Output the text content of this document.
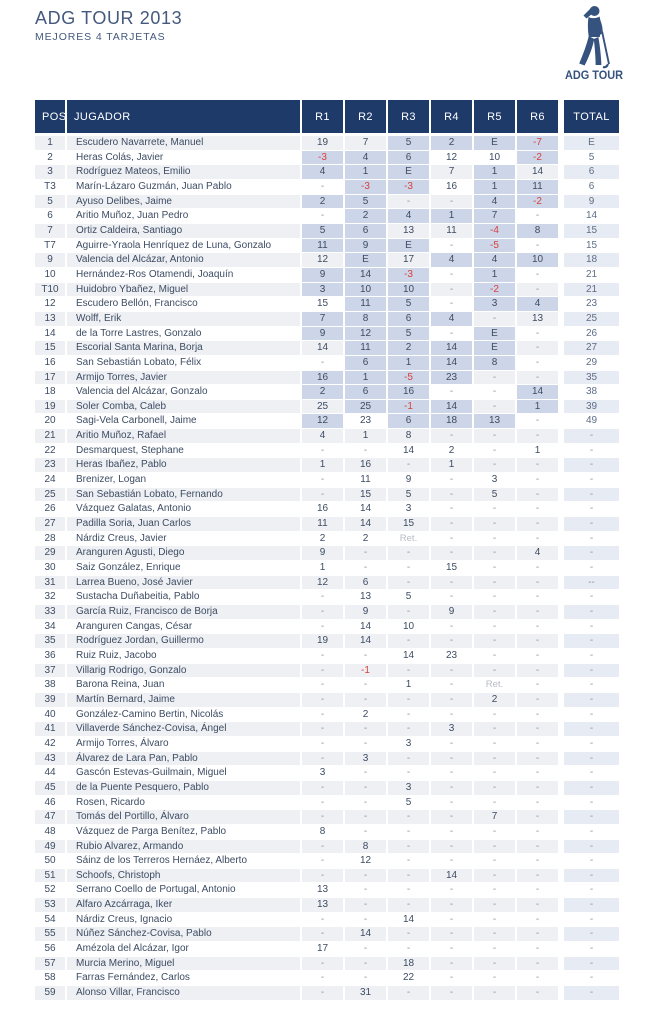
ADG TOUR 2013
MEJORES 4 TARJETAS
ADG TOUR
POS JUGADOR	R1	R2	R3	R4	R5	R6	TOTAL
1	Escudero Navarrete, Manuel	19	7	5	2	E	-7	E
2	Heras Colás, Javier	-3	4	6	12	10	-2	5
3	Rodríguez Mateos, Emilio	4	1	E	7	1	14	6
T3	Marín-Lázaro Guzmán, Juan Pablo	-	-3	-3	16	1	11	6
5	Ayuso Delibes, Jaime	2	5	-	-	4	-2	9
6	Aritio Muñoz, Juan Pedro	-	2	4	1	7	-	14
7	Ortiz Caldeira, Santiago	5	6	13	11	-4	8	15
T7	Aguirre-Yraola Henríquez de Luna, Gonzalo	11	9	E	-	-5	-	15
9	Valencia del Alcázar, Antonio	12	E	17	4	4	10	18
10	Hernández-Ros Otamendi, Joaquín	9	14	-3	-	1	-	21
T10	Huidobro Ybañez, Miguel	3	10	10	-	-2	-	21
12	Escudero Bellón, Francisco	15	11	5	-	3	4	23
13	Wolff, Erik	7	8	6	4	-	13	25
14	de la Torre Lastres, Gonzalo	9	12	5	-	E	-	26
15	Escorial Santa Marina, Borja	14	11	2	14	E	-	27
16	San Sebastián Lobato, Félix	-	6	1	14	8	-	29
17	Armijo Torres, Javier	16	1	-5	23	-	-	35
18	Valencia del Alcázar, Gonzalo	2	6	16	-	-	14	38
19	Soler Comba, Caleb	25	25	-1	14	-	1	39
20	Sagi-Vela Carbonell, Jaime	12	23	6	18	13	-	49
21	Aritio Muñoz, Rafael	4	1	8	-	-	-	-
22	Desmarquest, Stephane	-	-	14	2	-	1	-
23	Heras Ibañez, Pablo	1	16	-	1	-	-	-
24	Brenizer, Logan	-	11	9	-	3	-	-
25	San Sebastián Lobato, Fernando	-	15	5	-	5	-	-
26	Vázquez Galatas, Antonio	16	14	3	-	-	-	-
27	Padilla Soria, Juan Carlos	11	14	15	-	-	-	-
28	Nárdiz Creus, Javier	2	2	Ret.	-	-	-	-
29	Aranguren Agusti, Diego	9	-	-	-	-	4	-
30	Saiz González, Enrique	1	-	-	15	-	-	-
31	Larrea Bueno, José Javier	12	6	-	-	-	-	--
32	Sustacha Duñabeitia, Pablo	-	13	5	-	-	-	-
33	García Ruiz, Francisco de Borja	-	9	-	9	-	-	-
34	Aranguren Cangas, César	-	14	10	-	-	-	-
35	Rodríguez Jordan, Guillermo	19	14	-	-	-	-	-
36	Ruiz Ruiz, Jacobo	-	-	14	23	-	-	-
37	Villarig Rodrigo, Gonzalo	-	-1	-	-	-	-	-
38	Barona Reina, Juan	-	-	1	-	Ret.	-	-
39	Martín Bernard, Jaime	-	-	-	-	2	-	-
40	González-Camino Bertin, Nicolás	-	2	-	-	-	-	-
41	Villaverde Sánchez-Covisa, Ángel	-	-	-	3	-	-	-
42	Armijo Torres, Álvaro	-	-	3	-	-	-	-
43	Álvarez de Lara Pan, Pablo	-	3	-	-	-	-	-
44	Gascón Estevas-Guilmain, Miguel	3	-	-	-	-	-	-
45	de la Puente Pesquero, Pablo	-	-	3	-	-	-	-
46	Rosen, Ricardo	-	-	5	-	-	-	-
47	Tomás del Portillo, Álvaro	-	-	-	-	7	-	-
48	Vázquez de Parga Benítez, Pablo	8	-	-	-	-	-	-
49	Rubio Alvarez, Armando	-	8	-	-	-	-	-
50	Sáinz de los Terreros Hernáez, Alberto	-	12	-	-	-	-	-
51	Schoofs, Christoph	-	-	-	14	-	-	-
52	Serrano Coello de Portugal, Antonio	13	-	-	-	-	-	-
53	Alfaro Azcárraga, Iker	13	-	-	-	-	-	-
54	Nárdiz Creus, Ignacio	-	-	14	-	-	-	-
55	Núñez Sánchez-Covisa, Pablo	-	14	-	-	-	-	-
56	Amézola del Alcázar, Igor	17	-	-	-	-	-	-
57	Murcia Merino, Miguel	-	-	18	-	-	-	-
58	Farras Fernández, Carlos	-	-	22	-	-	-	-
59	Alonso Villar, Francisco	-	31	-	-	-	-	-
